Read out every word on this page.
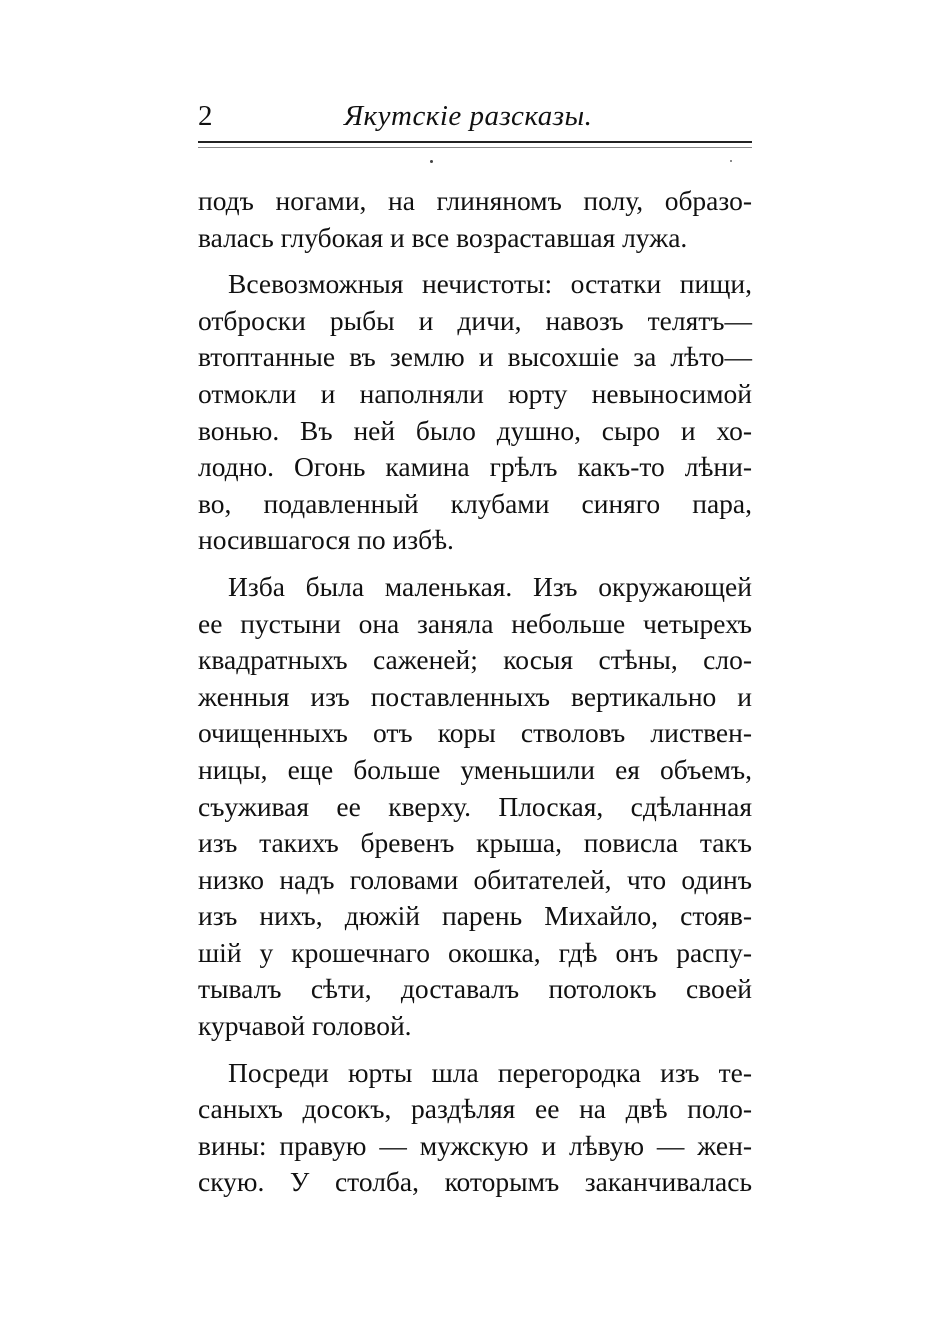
2	Якутскіе разсказы.
подъ ногами, на глиняномъ полу, образо-
валась глубокая и все возраставшая лужа.
Всевозможныя нечистоты: остатки пищи,
отброски рыбы и дичи, навозъ телятъ—
втоптанные въ землю и высохшіе за лѣто—
отмокли и наполняли юрту невыносимой
вонью. Въ ней было душно, сыро и хо-
лодно. Огонь камина грѣлъ какъ-то лѣни-
во, подавленный клубами синяго пара,
носившагося по избѣ.
Изба была маленькая. Изъ окружающей
ее пустыни она заняла небольше четырехъ
квадратныхъ саженей; косыя стѣны, сло-
женныя изъ поставленныхъ вертикально и
очищенныхъ отъ коры стволовъ листвен-
ницы, еще больше уменьшили ея объемъ,
съуживая ее кверху. Плоская, сдѣланная
изъ такихъ бревенъ крыша, повисла такъ
низко надъ головами обитателей, что одинъ
изъ нихъ, дюжій парень Михайло, стояв-
шій у крошечнаго окошка, гдѣ онъ распу-
тывалъ сѣти, доставалъ потолокъ своей
курчавой головой.
Посреди юрты шла перегородка изъ те-
саныхъ досокъ, раздѣляя ее на двѣ поло-
вины: правую — мужскую и лѣвую — жен-
скую. У столба, которымъ заканчивалась
